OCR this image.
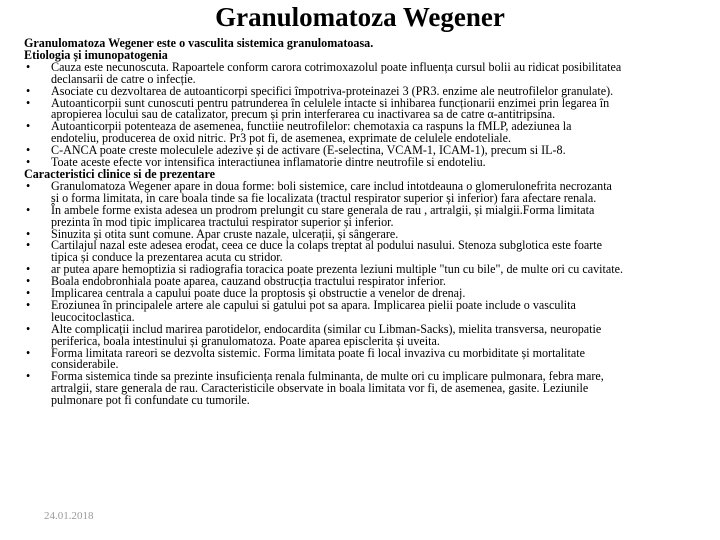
Granulomatoza Wegener
Granulomatoza Wegener este o vasculita sistemica granulomatoasa.
Etiologia și imunopatogenia
• Cauza este necunoscuta. Rapoartele conform carora cotrimoxazolul poate influența cursul bolii au ridicat posibilitatea
declansarii de catre o infecție.
• Asociate cu dezvoltarea de autoanticorpi specifici împotriva-proteinazei 3 (PR3. enzime ale neutrofilelor granulate).
• Autoanticorpii sunt cunoscuti pentru patrunderea în celulele intacte si inhibarea funcționarii enzimei prin legarea în
apropierea locului sau de catalizator, precum și prin interferarea cu inactivarea sa de catre α-antitripsina.
• Autoanticorpii potenteaza de asemenea, functiie neutrofilelor: chemotaxia ca raspuns la fMLP, adeziunea la
endoteliu, producerea de oxid nitric. Pr3 pot fi, de asemenea, exprimate de celulele endoteliale.
• C-ANCA poate creste moleculele adezive și de activare (E-selectina, VCAM-1, ICAM-1), precum si IL-8.
• Toate aceste efecte vor intensifica interactiunea inflamatorie dintre neutrofile si endoteliu.
Caracteristici clinice si de prezentare
• Granulomatoza Wegener apare in doua forme: boli sistemice, care includ intotdeauna o glomerulonefrita necrozanta
si o forma limitata, in care boala tinde sa fie localizata (tractul respirator superior și inferior) fara afectare renala.
• În ambele forme exista adesea un prodrom prelungit cu stare generala de rau , artralgii, și mialgii.Forma limitata
prezinta în mod tipic implicarea tractului respirator superior și inferior.
• Sinuzita și otita sunt comune. Apar cruste nazale, ulcerații, și sângerare.
• Cartilajul nazal este adesea erodat, ceea ce duce la colaps treptat al podului nasului. Stenoza subglotica este foarte
tipica și conduce la prezentarea acuta cu stridor.
• ar putea apare hemoptizia si radiografia toracica poate prezenta leziuni multiple "tun cu bile", de multe ori cu cavitate.
• Boala endobronhiala poate aparea, cauzand obstrucția tractului respirator inferior.
• Implicarea centrala a capului poate duce la proptosis și obstructie a venelor de drenaj.
• Eroziunea în principalele artere ale capului si gatului pot sa apara. Implicarea pielii poate include o vasculita
leucocitoclastica.
• Alte complicații includ marirea parotidelor, endocardita (similar cu Libman-Sacks), mielita transversa, neuropatie
periferica, boala intestinului și granulomatoza. Poate aparea episclerita și uveita.
• Forma limitata rareori se dezvolta sistemic. Forma limitata poate fi local invaziva cu morbiditate și mortalitate
considerabile.
• Forma sistemica tinde sa prezinte insuficiența renala fulminanta, de multe ori cu implicare pulmonara, febra mare,
artralgii, stare generala de rau. Caracteristicile observate in boala limitata vor fi, de asemenea, gasite. Leziunile
pulmonare pot fi confundate cu tumorile.
24.01.2018
